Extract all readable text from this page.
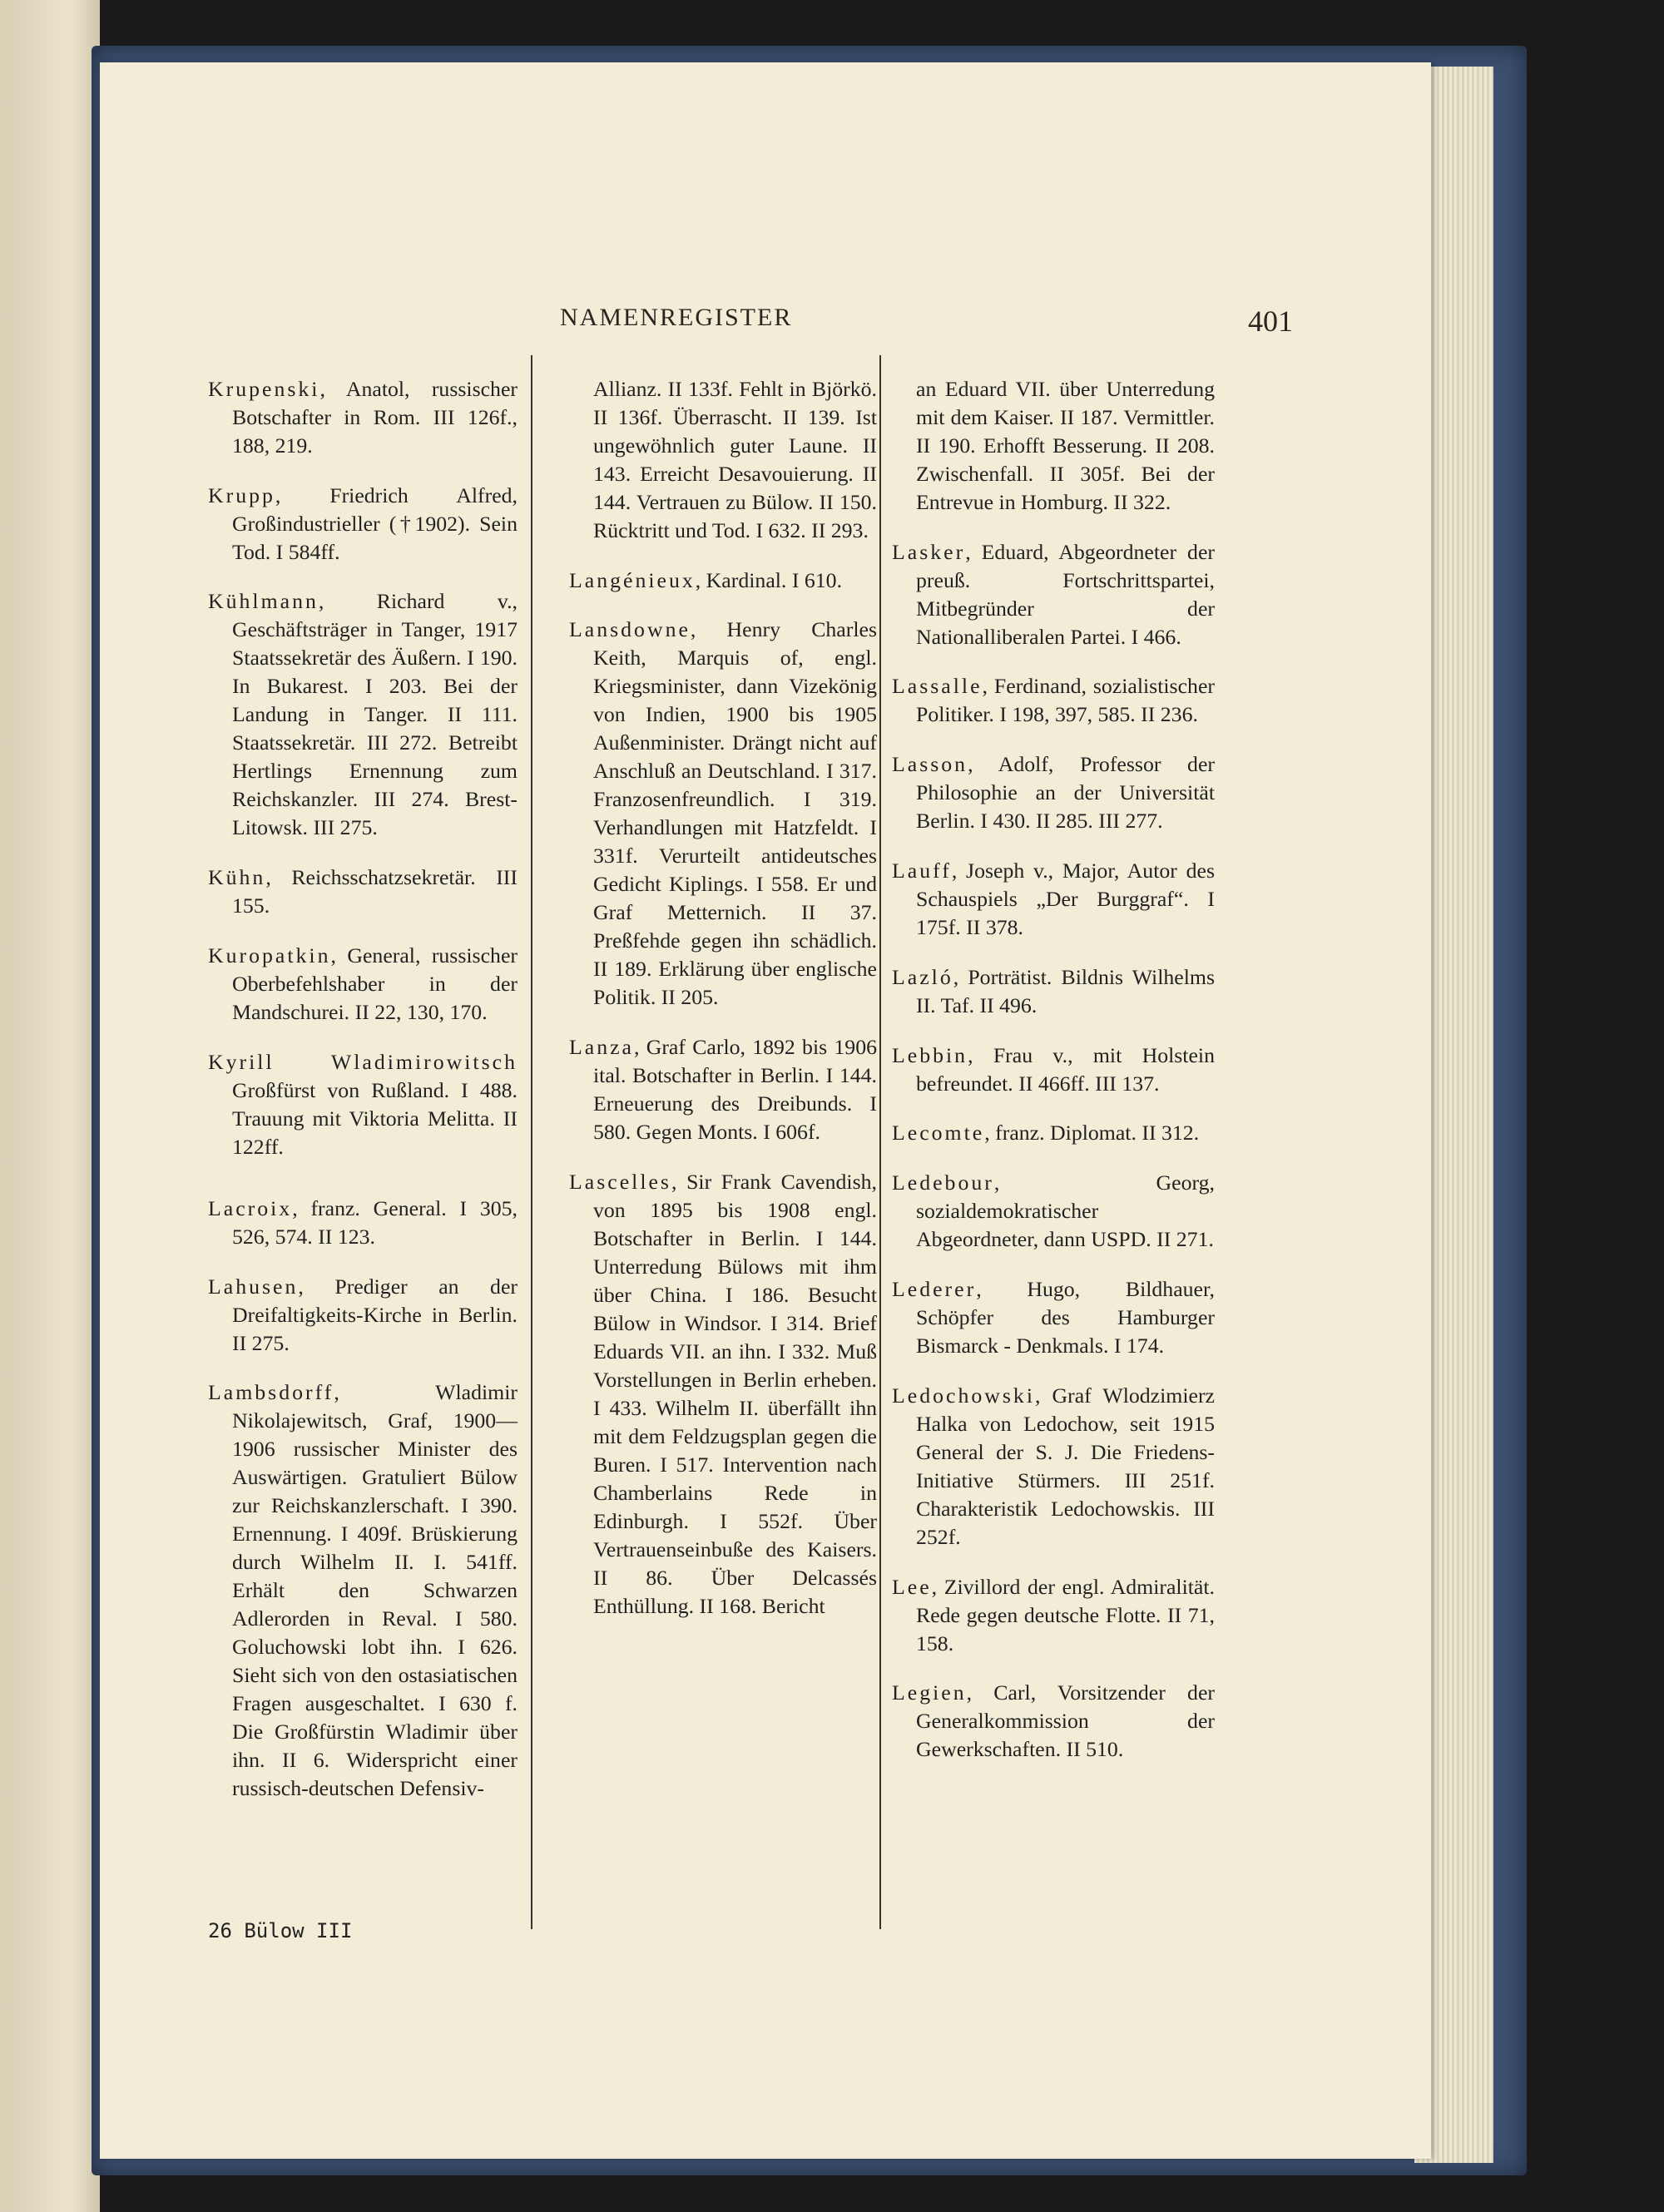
NAMENREGISTER	401

Krupenski, Anatol, russischer Botschafter in Rom. III 126f., 188, 219.

Krupp, Friedrich Alfred, Großindustrieller (†1902). Sein Tod. I 584ff.

Kühlmann, Richard v., Geschäftsträger in Tanger, 1917 Staatssekretär des Äußern. I 190. In Bukarest. I 203. Bei der Landung in Tanger. II 111. Staatssekretär. III 272. Betreibt Hertlings Ernennung zum Reichskanzler. III 274. Brest-Litowsk. III 275.

Kühn, Reichsschatzsekretär. III 155.

Kuropatkin, General, russischer Oberbefehlshaber in der Mandschurei. II 22, 130, 170.

Kyrill Wladimirowitsch Großfürst von Rußland. I 488. Trauung mit Viktoria Melitta. II 122ff.

Lacroix, franz. General. I 305, 526, 574. II 123.

Lahusen, Prediger an der Dreifaltigkeits-Kirche in Berlin. II 275.

Lambsdorff, Wladimir Nikolajewitsch, Graf, 1900—1906 russischer Minister des Auswärtigen. Gratuliert Bülow zur Reichskanzlerschaft. I 390. Ernennung. I 409f. Brüskierung durch Wilhelm II. I. 541ff. Erhält den Schwarzen Adlerorden in Reval. I 580. Goluchowski lobt ihn. I 626. Sieht sich von den ostasiatischen Fragen ausgeschaltet. I 630 f. Die Großfürstin Wladimir über ihn. II 6. Widerspricht einer russisch-deutschen Defensiv-

Allianz. II 133f. Fehlt in Björkö. II 136f. Überrascht. II 139. Ist ungewöhnlich guter Laune. II 143. Erreicht Desavouierung. II 144. Vertrauen zu Bülow. II 150. Rücktritt und Tod. I 632. II 293.

Langénieux, Kardinal. I 610.

Lansdowne, Henry Charles Keith, Marquis of, engl. Kriegsminister, dann Vizekönig von Indien, 1900 bis 1905 Außenminister. Drängt nicht auf Anschluß an Deutschland. I 317. Franzosenfreundlich. I 319. Verhandlungen mit Hatzfeldt. I 331f. Verurteilt antideutsches Gedicht Kiplings. I 558. Er und Graf Metternich. II 37. Preßfehde gegen ihn schädlich. II 189. Erklärung über englische Politik. II 205.

Lanza, Graf Carlo, 1892 bis 1906 ital. Botschafter in Berlin. I 144. Erneuerung des Dreibunds. I 580. Gegen Monts. I 606f.

Lascelles, Sir Frank Cavendish, von 1895 bis 1908 engl. Botschafter in Berlin. I 144. Unterredung Bülows mit ihm über China. I 186. Besucht Bülow in Windsor. I 314. Brief Eduards VII. an ihn. I 332. Muß Vorstellungen in Berlin erheben. I 433. Wilhelm II. überfällt ihn mit dem Feldzugsplan gegen die Buren. I 517. Intervention nach Chamberlains Rede in Edinburgh. I 552f. Über Vertrauenseinbuße des Kaisers. II 86. Über Delcassés Enthüllung. II 168. Bericht

an Eduard VII. über Unterredung mit dem Kaiser. II 187. Vermittler. II 190. Erhofft Besserung. II 208. Zwischenfall. II 305f. Bei der Entrevue in Homburg. II 322.

Lasker, Eduard, Abgeordneter der preuß. Fortschrittspartei, Mitbegründer der Nationalliberalen Partei. I 466.

Lassalle, Ferdinand, sozialistischer Politiker. I 198, 397, 585. II 236.

Lasson, Adolf, Professor der Philosophie an der Universität Berlin. I 430. II 285. III 277.

Lauff, Joseph v., Major, Autor des Schauspiels „Der Burggraf“. I 175f. II 378.

Lazló, Porträtist. Bildnis Wilhelms II. Taf. II 496.

Lebbin, Frau v., mit Holstein befreundet. II 466ff. III 137.

Lecomte, franz. Diplomat. II 312.

Ledebour, Georg, sozialdemokratischer Abgeordneter, dann USPD. II 271.

Lederer, Hugo, Bildhauer, Schöpfer des Hamburger Bismarck - Denkmals. I 174.

Ledochowski, Graf Wlodzimierz Halka von Ledochow, seit 1915 General der S. J. Die Friedens-Initiative Stürmers. III 251f. Charakteristik Ledochowskis. III 252f.

Lee, Zivillord der engl. Admiralität. Rede gegen deutsche Flotte. II 71, 158.

Legien, Carl, Vorsitzender der Generalkommission der Gewerkschaften. II 510.

26 Bülow III
